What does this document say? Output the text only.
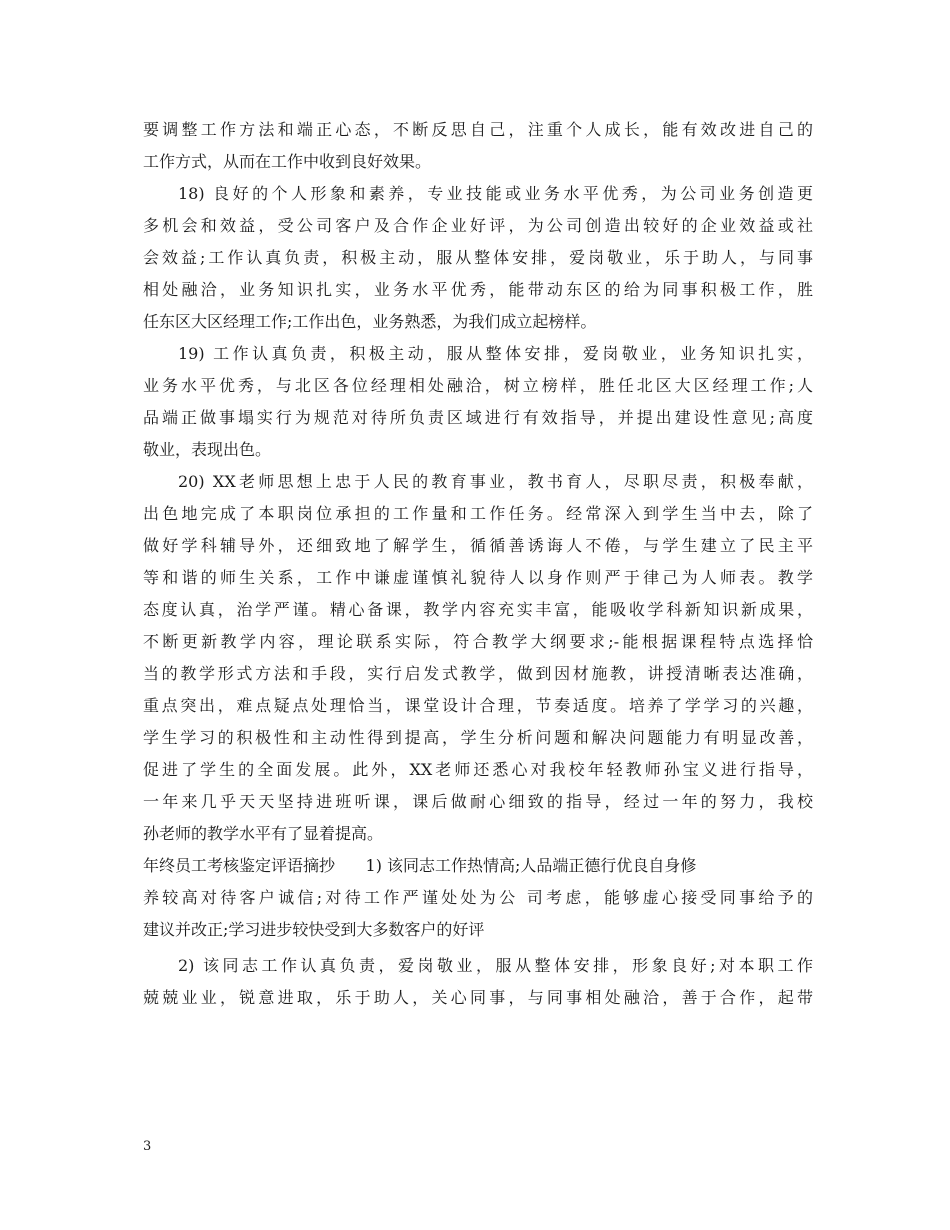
要调整工作方法和端正心态，不断反思自己，注重个人成长，能有效改进自己的
工作方式，从而在工作中收到良好效果。
18) 良好的个人形象和素养，专业技能或业务水平优秀，为公司业务创造更
多机会和效益，受公司客户及合作企业好评，为公司创造出较好的企业效益或社
会效益;工作认真负责，积极主动，服从整体安排，爱岗敬业，乐于助人，与同事
相处融洽，业务知识扎实，业务水平优秀，能带动东区的给为同事积极工作，胜
任东区大区经理工作;工作出色，业务熟悉，为我们成立起榜样。
19) 工作认真负责，积极主动，服从整体安排，爱岗敬业，业务知识扎实，
业务水平优秀，与北区各位经理相处融洽，树立榜样，胜任北区大区经理工作;人
品端正做事塌实行为规范对待所负责区域进行有效指导，并提出建设性意见;高度
敬业，表现出色。
20) XX老师思想上忠于人民的教育事业，教书育人，尽职尽责，积极奉献，
出色地完成了本职岗位承担的工作量和工作任务。经常深入到学生当中去，除了
做好学科辅导外，还细致地了解学生，循循善诱诲人不倦，与学生建立了民主平
等和谐的师生关系，工作中谦虚谨慎礼貌待人以身作则严于律己为人师表。教学
态度认真，治学严谨。精心备课，教学内容充实丰富，能吸收学科新知识新成果，
不断更新教学内容，理论联系实际，符合教学大纲要求;-能根据课程特点选择恰
当的教学形式方法和手段，实行启发式教学，做到因材施教，讲授清晰表达准确，
重点突出，难点疑点处理恰当，课堂设计合理，节奏适度。培养了学学习的兴趣，
学生学习的积极性和主动性得到提高，学生分析问题和解决问题能力有明显改善，
促进了学生的全面发展。此外，XX老师还悉心对我校年轻教师孙宝义进行指导，
一年来几乎天天坚持进班听课，课后做耐心细致的指导，经过一年的努力，我校
孙老师的教学水平有了显着提高。
年终员工考核鉴定评语摘抄      1) 该同志工作热情高;人品端正德行优良自身修
养较高对待客户诚信;对待工作严谨处处为公 司考虑，能够虚心接受同事给予的
建议并改正;学习进步较快受到大多数客户的好评
2) 该同志工作认真负责，爱岗敬业，服从整体安排，形象良好;对本职工作
兢兢业业，锐意进取，乐于助人，关心同事，与同事相处融洽，善于合作，起带
3
